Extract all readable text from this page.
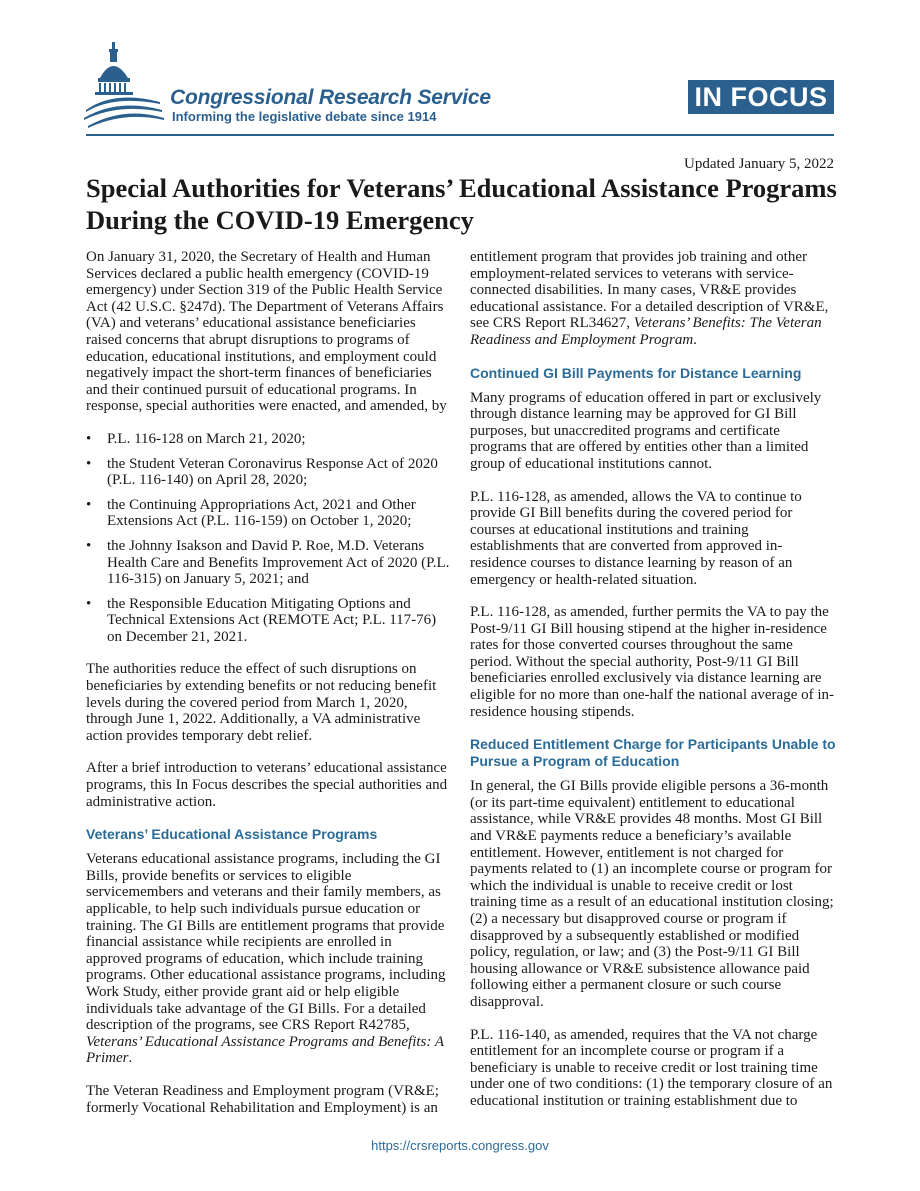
Congressional Research Service
Informing the legislative debate since 1914
IN FOCUS
Updated January 5, 2022
Special Authorities for Veterans’ Educational Assistance Programs During the COVID-19 Emergency

On January 31, 2020, the Secretary of Health and Human Services declared a public health emergency (COVID-19 emergency) under Section 319 of the Public Health Service Act (42 U.S.C. §247d). The Department of Veterans Affairs (VA) and veterans’ educational assistance beneficiaries raised concerns that abrupt disruptions to programs of education, educational institutions, and employment could negatively impact the short-term finances of beneficiaries and their continued pursuit of educational programs. In response, special authorities were enacted, and amended, by

• P.L. 116-128 on March 21, 2020;
• the Student Veteran Coronavirus Response Act of 2020 (P.L. 116-140) on April 28, 2020;
• the Continuing Appropriations Act, 2021 and Other Extensions Act (P.L. 116-159) on October 1, 2020;
• the Johnny Isakson and David P. Roe, M.D. Veterans Health Care and Benefits Improvement Act of 2020 (P.L. 116-315) on January 5, 2021; and
• the Responsible Education Mitigating Options and Technical Extensions Act (REMOTE Act; P.L. 117-76) on December 21, 2021.

The authorities reduce the effect of such disruptions on beneficiaries by extending benefits or not reducing benefit levels during the covered period from March 1, 2020, through June 1, 2022. Additionally, a VA administrative action provides temporary debt relief.

After a brief introduction to veterans’ educational assistance programs, this In Focus describes the special authorities and administrative action.

Veterans’ Educational Assistance Programs

Veterans educational assistance programs, including the GI Bills, provide benefits or services to eligible servicemembers and veterans and their family members, as applicable, to help such individuals pursue education or training. The GI Bills are entitlement programs that provide financial assistance while recipients are enrolled in approved programs of education, which include training programs. Other educational assistance programs, including Work Study, either provide grant aid or help eligible individuals take advantage of the GI Bills. For a detailed description of the programs, see CRS Report R42785, Veterans’ Educational Assistance Programs and Benefits: A Primer.

The Veteran Readiness and Employment program (VR&E; formerly Vocational Rehabilitation and Employment) is an

entitlement program that provides job training and other employment-related services to veterans with service-connected disabilities. In many cases, VR&E provides educational assistance. For a detailed description of VR&E, see CRS Report RL34627, Veterans’ Benefits: The Veteran Readiness and Employment Program.

Continued GI Bill Payments for Distance Learning

Many programs of education offered in part or exclusively through distance learning may be approved for GI Bill purposes, but unaccredited programs and certificate programs that are offered by entities other than a limited group of educational institutions cannot.

P.L. 116-128, as amended, allows the VA to continue to provide GI Bill benefits during the covered period for courses at educational institutions and training establishments that are converted from approved in-residence courses to distance learning by reason of an emergency or health-related situation.

P.L. 116-128, as amended, further permits the VA to pay the Post-9/11 GI Bill housing stipend at the higher in-residence rates for those converted courses throughout the same period. Without the special authority, Post-9/11 GI Bill beneficiaries enrolled exclusively via distance learning are eligible for no more than one-half the national average of in-residence housing stipends.

Reduced Entitlement Charge for Participants Unable to Pursue a Program of Education

In general, the GI Bills provide eligible persons a 36-month (or its part-time equivalent) entitlement to educational assistance, while VR&E provides 48 months. Most GI Bill and VR&E payments reduce a beneficiary’s available entitlement. However, entitlement is not charged for payments related to (1) an incomplete course or program for which the individual is unable to receive credit or lost training time as a result of an educational institution closing; (2) a necessary but disapproved course or program if disapproved by a subsequently established or modified policy, regulation, or law; and (3) the Post-9/11 GI Bill housing allowance or VR&E subsistence allowance paid following either a permanent closure or such course disapproval.

P.L. 116-140, as amended, requires that the VA not charge entitlement for an incomplete course or program if a beneficiary is unable to receive credit or lost training time under one of two conditions: (1) the temporary closure of an educational institution or training establishment due to

https://crsreports.congress.gov
